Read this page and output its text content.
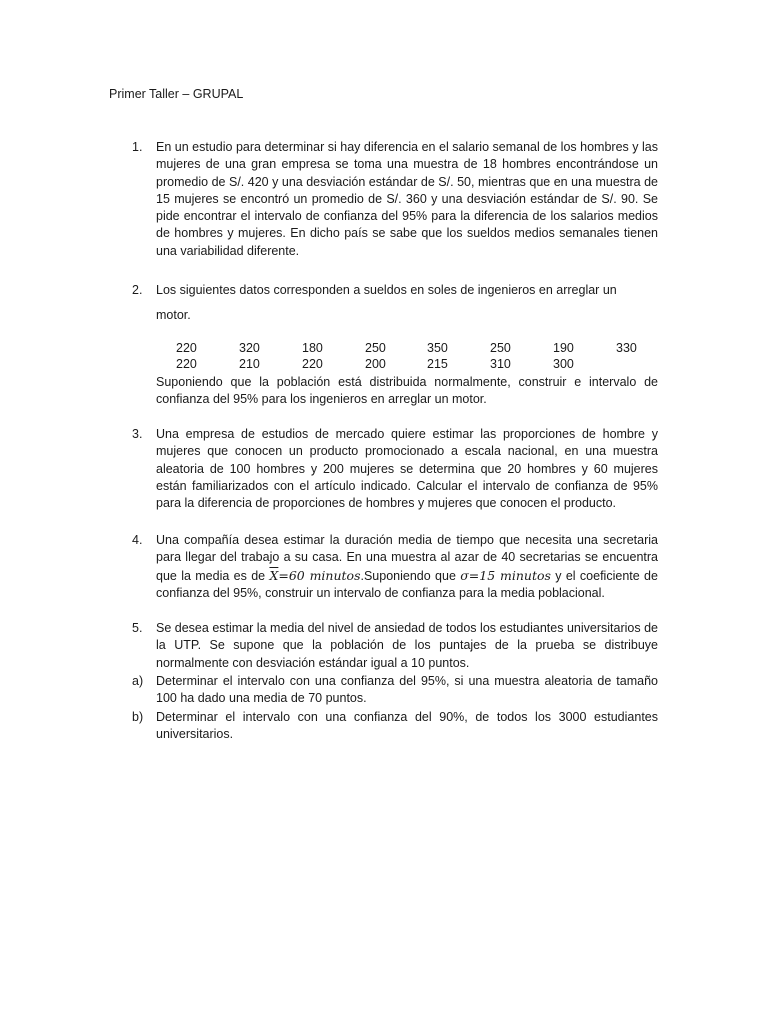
Primer Taller – GRUPAL
1.	En un estudio para determinar si hay diferencia en el salario semanal de los hombres y las mujeres de una gran empresa se toma una muestra de 18 hombres encontrándose un promedio de S/. 420 y una desviación estándar de S/. 50, mientras que en una muestra de 15 mujeres se encontró un promedio de S/. 360 y una desviación estándar de S/. 90. Se pide encontrar el intervalo de confianza del 95% para la diferencia de los salarios medios de hombres y mujeres. En dicho país se sabe que los sueldos medios semanales tienen una variabilidad diferente.
2.	Los siguientes datos corresponden a sueldos en soles de ingenieros en arreglar un
motor.
220	320	180	250	350	250	190	330
220	210	220	200	215	310	300
Suponiendo que la población está distribuida normalmente, construir e intervalo de confianza del 95% para los ingenieros en arreglar un motor.
3.	Una empresa de estudios de mercado quiere estimar las proporciones de hombre y mujeres que conocen un producto promocionado a escala nacional, en una muestra aleatoria de 100 hombres y 200 mujeres se determina que 20 hombres y 60 mujeres están familiarizados con el artículo indicado. Calcular el intervalo de confianza de 95% para la diferencia de proporciones de hombres y mujeres que conocen el producto.
4.	Una compañía desea estimar la duración media de tiempo que necesita una secretaria para llegar del trabajo a su casa. En una muestra al azar de 40 secretarias se encuentra que la media es de $\overline{X}=60$ minutos.Suponiendo que σ=15 minutos y el coeficiente de confianza del 95%, construir un intervalo de confianza para la media poblacional.
5.	Se desea estimar la media del nivel de ansiedad de todos los estudiantes universitarios de la UTP. Se supone que la población de los puntajes de la prueba se distribuye normalmente con desviación estándar igual a 10 puntos.
a)	Determinar el intervalo con una confianza del 95%, si una muestra aleatoria de tamaño 100 ha dado una media de 70 puntos.
b)	Determinar el intervalo con una confianza del 90%, de todos los 3000 estudiantes universitarios.
